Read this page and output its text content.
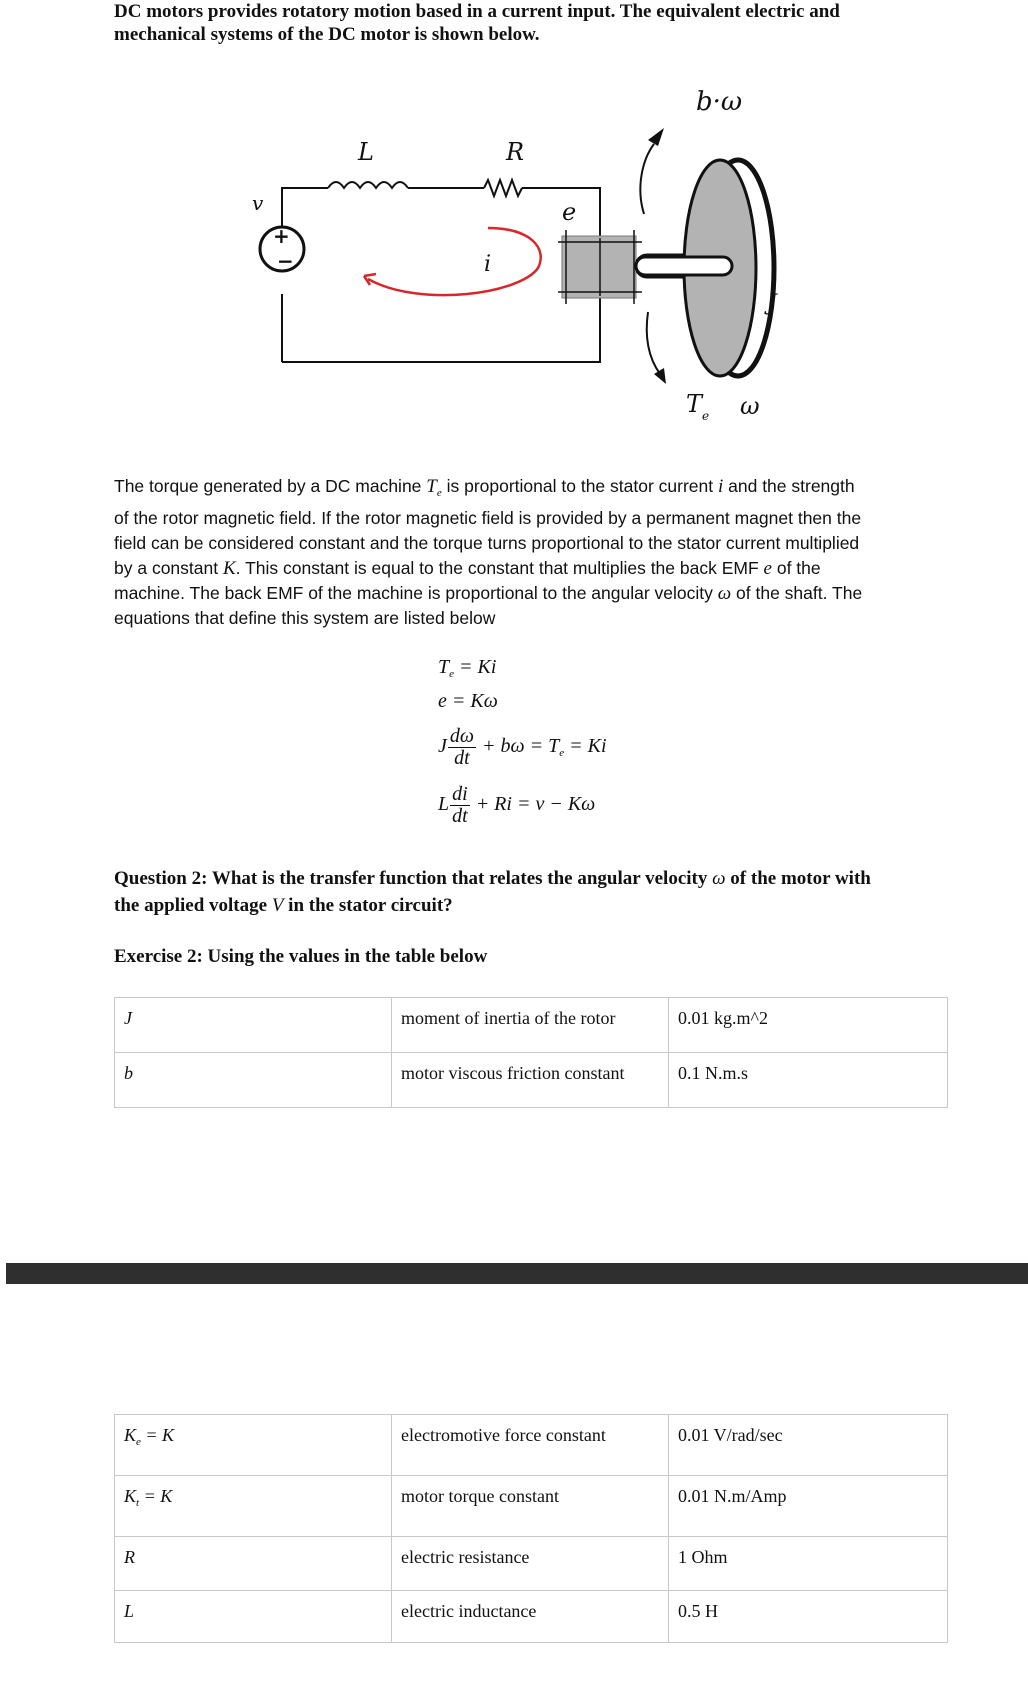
DC motors provides rotatory motion based in a current input. The equivalent electric and
mechanical systems of the DC motor is shown below.
+
−
L	R
v	e
i
J
b·ω
T e ω
The torque generated by a DC machine $T_e$ is proportional to the stator current i and the strength
of the rotor magnetic field. If the rotor magnetic field is provided by a permanent magnet then the
field can be considered constant and the torque turns proportional to the stator current multiplied
by a constant K. This constant is equal to the constant that multiplies the back EMF e of the
machine. The back EMF of the machine is proportional to the angular velocity ω of the shaft. The
equations that define this system are listed below
$T_e = Ki$
e = Kω
J $\frac{d\omega}{dt} + b\omega = T_e = Ki$
L $\frac{di}{dt} + Ri = v - K\omega$
Question 2: What is the transfer function that relates the angular velocity ω of the motor with
the applied voltage V in the stator circuit?
Exercise 2: Using the values in the table below
J	moment of inertia of the rotor	0.01 kg.m^2
b	motor viscous friction constant	0.1 N.m.s
$K_e = K$	electromotive force constant	0.01 V/rad/sec
$K_t = K$	motor torque constant	0.01 N.m/Amp
R	electric resistance	1 Ohm
L	electric inductance	0.5 H
